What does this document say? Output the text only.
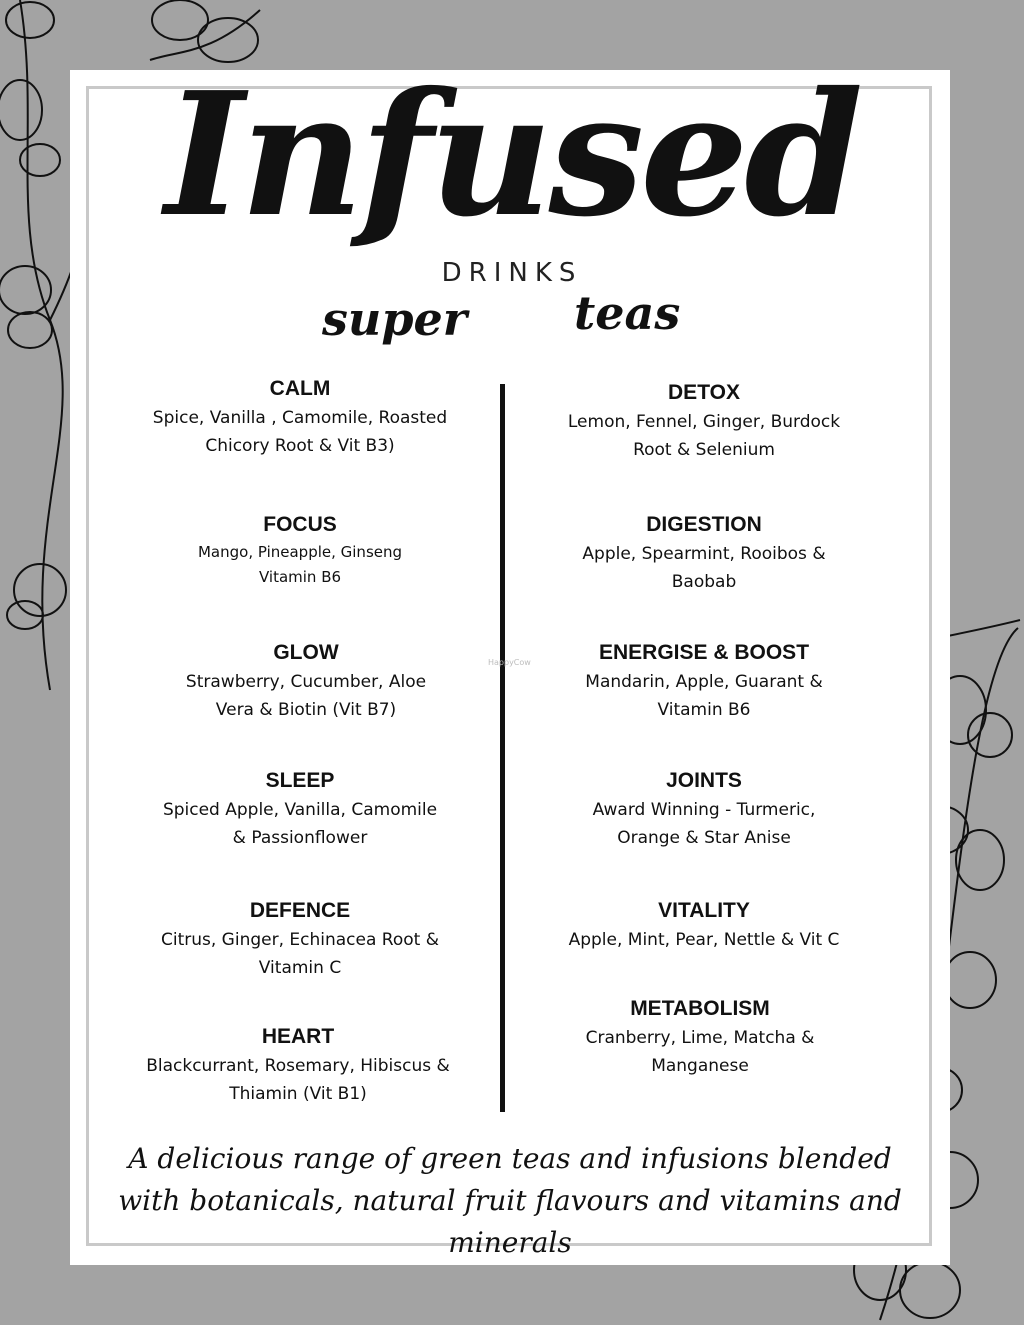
Infused
DRINKS
super teas
CALM
Spice, Vanilla , Camomile, Roasted Chicory Root & Vit B3)
FOCUS
Mango, Pineapple, Ginseng Vitamin B6
GLOW
Strawberry, Cucumber, Aloe Vera & Biotin (Vit B7)
SLEEP
Spiced Apple, Vanilla, Camomile & Passionflower
DEFENCE
Citrus, Ginger, Echinacea Root & Vitamin C
HEART
Blackcurrant, Rosemary, Hibiscus & Thiamin (Vit B1)
DETOX
Lemon, Fennel, Ginger, Burdock Root & Selenium
DIGESTION
Apple, Spearmint, Rooibos & Baobab
ENERGISE & BOOST
Mandarin, Apple, Guarant & Vitamin B6
JOINTS
Award Winning - Turmeric, Orange & Star Anise
VITALITY
Apple, Mint, Pear, Nettle & Vit C
METABOLISM
Cranberry, Lime, Matcha & Manganese
HappyCow
A delicious range of green teas and infusions blended with botanicals, natural fruit flavours and vitamins and minerals
